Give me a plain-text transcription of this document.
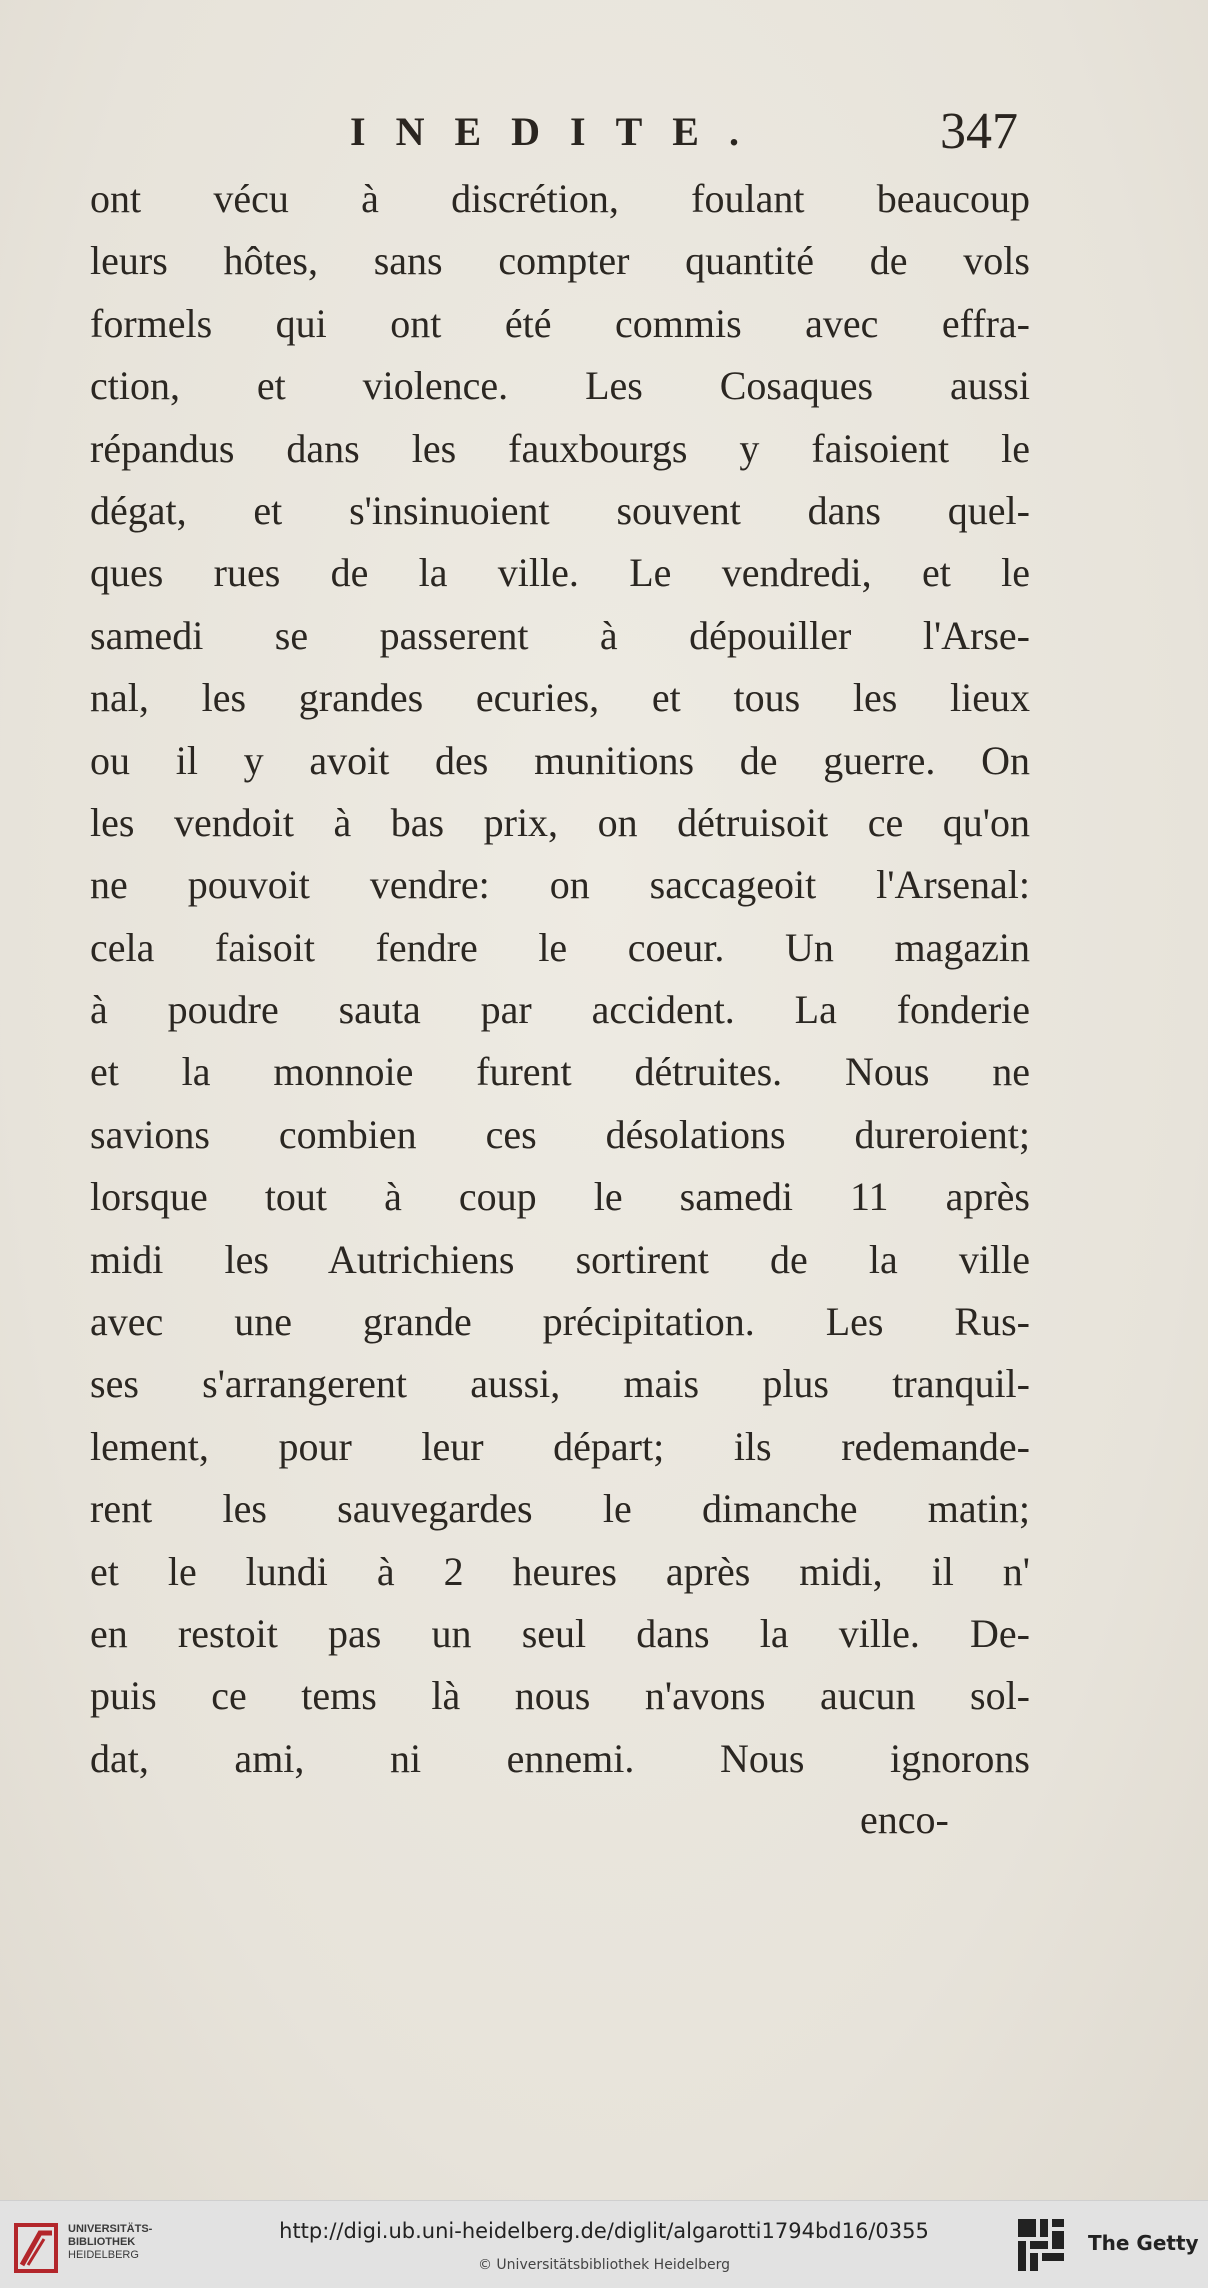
INEDITE.	347
ont vécu à discrétion, foulant beaucoup
leurs hôtes, sans compter quantité de vols
formels qui ont été commis avec effra-
ction, et violence. Les Cosaques aussi
répandus dans les fauxbourgs y faisoient le
dégat, et s'insinuoient souvent dans quel-
ques rues de la ville. Le vendredi, et le
samedi se passerent à dépouiller l'Arse-
nal, les grandes ecuries, et tous les lieux
ou il y avoit des munitions de guerre. On
les vendoit à bas prix, on détruisoit ce qu'on
ne pouvoit vendre: on saccageoit l'Arsenal:
cela faisoit fendre le coeur. Un magazin
à poudre sauta par accident. La fonderie
et la monnoie furent détruites. Nous ne
savions combien ces désolations dureroient;
lorsque tout à coup le samedi 11 après
midi les Autrichiens sortirent de la ville
avec une grande précipitation. Les Rus-
ses s'arrangerent aussi, mais plus tranquil-
lement, pour leur départ; ils redemande-
rent les sauvegardes le dimanche matin;
et le lundi à 2 heures après midi, il n'
en restoit pas un seul dans la ville. De-
puis ce tems là nous n'avons aucun sol-
dat, ami, ni ennemi. Nous ignorons
enco-
UNIVERSITÄTS-
BIBLIOTHEK
HEIDELBERG
http://digi.ub.uni-heidelberg.de/diglit/algarotti1794bd16/0355
© Universitätsbibliothek Heidelberg
The Getty
